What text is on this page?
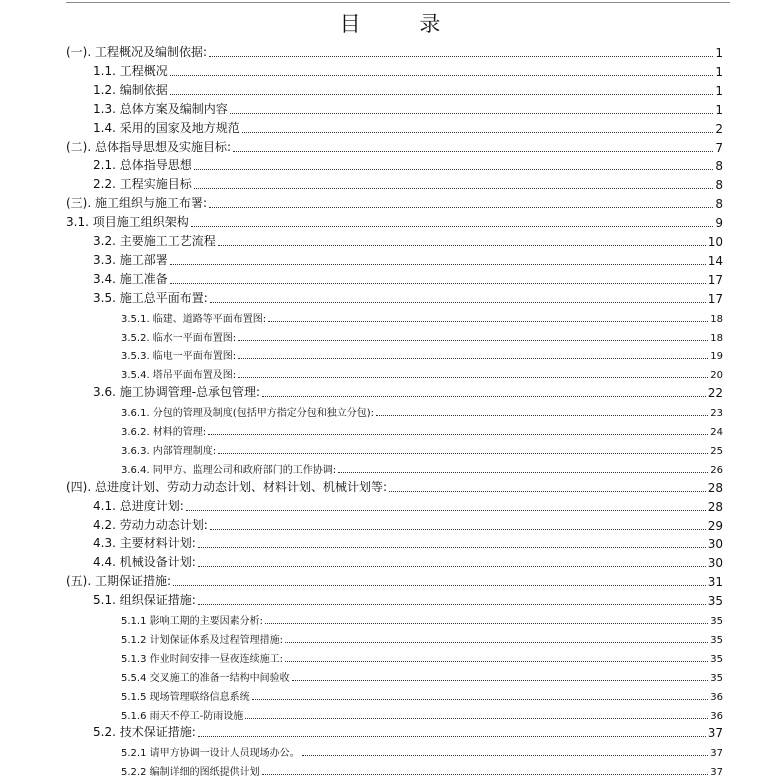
目 录
(一). 工程概况及编制依据:	1
1.1. 工程概况	1
1.2. 编制依据	1
1.3. 总体方案及编制内容	1
1.4. 采用的国家及地方规范	2
(二). 总体指导思想及实施目标:	7
2.1. 总体指导思想	8
2.2. 工程实施目标	8
(三). 施工组织与施工布署:	8
3.1. 项目施工组织架构	9
3.2. 主要施工工艺流程	10
3.3. 施工部署	14
3.4. 施工准备	17
3.5. 施工总平面布置:	17
3.5.1. 临建、道路等平面布置图:	18
3.5.2. 临水一平面布置图:	18
3.5.3. 临电一平面布置图:	19
3.5.4. 塔吊平面布置及图:	20
3.6. 施工协调管理-总承包管理:	22
3.6.1. 分包的管理及制度(包括甲方指定分包和独立分包):	23
3.6.2. 材料的管理:	24
3.6.3. 内部管理制度:	25
3.6.4. 同甲方、监理公司和政府部门的工作协调:	26
(四). 总进度计划、劳动力动态计划、材料计划、机械计划等:	28
4.1. 总进度计划:	28
4.2. 劳动力动态计划:	29
4.3. 主要材料计划:	30
4.4. 机械设备计划:	30
(五). 工期保证措施:	31
5.1. 组织保证措施:	35
5.1.1 影响工期的主要因素分析:	35
5.1.2 计划保证体系及过程管理措施:	35
5.1.3 作业时间安排一昼夜连续施工:	35
5.5.4 交叉施工的准备一结构中间验收	35
5.1.5 现场管理联络信息系统	36
5.1.6 雨天不停工-防雨设施	36
5.2. 技术保证措施:	37
5.2.1 请甲方协调一设计人员现场办公。	37
5.2.2 编制详细的图纸提供计划	37
